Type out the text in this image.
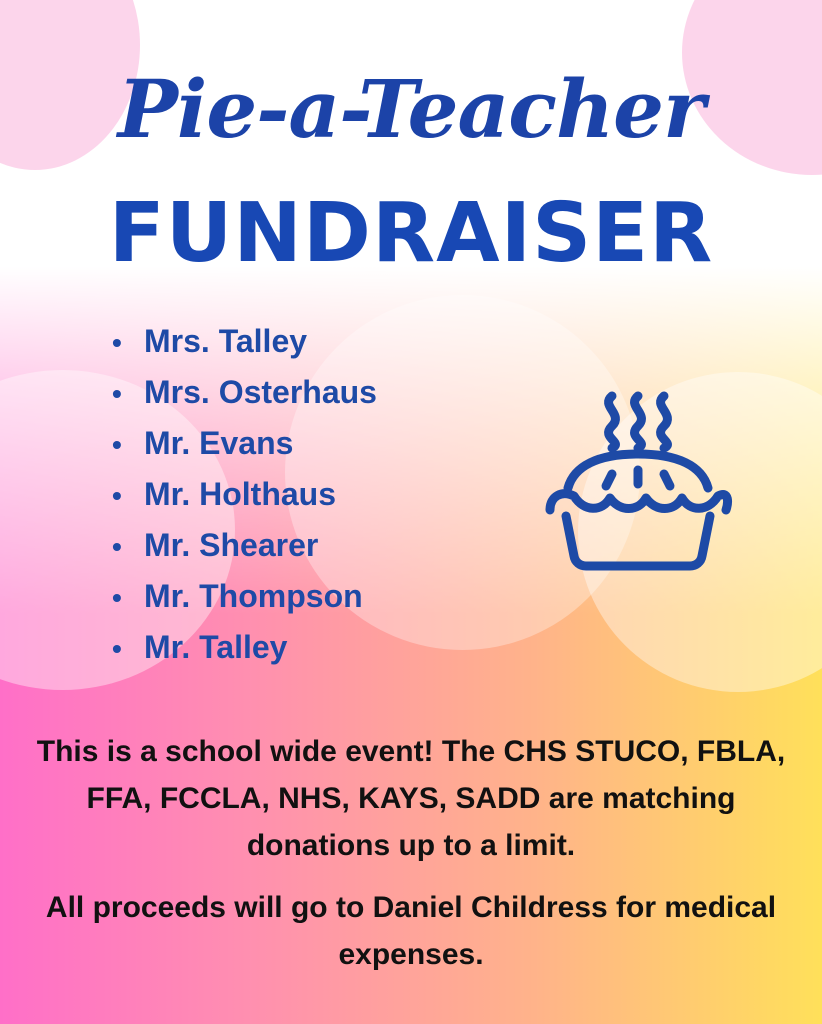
Pie-a-Teacher
FUNDRAISER
• Mrs. Talley
• Mrs. Osterhaus
• Mr. Evans
• Mr. Holthaus
• Mr. Shearer
• Mr. Thompson
• Mr. Talley
This is a school wide event! The CHS STUCO, FBLA, FFA, FCCLA, NHS, KAYS, SADD are matching donations up to a limit.
All proceeds will go to Daniel Childress for medical expenses.
